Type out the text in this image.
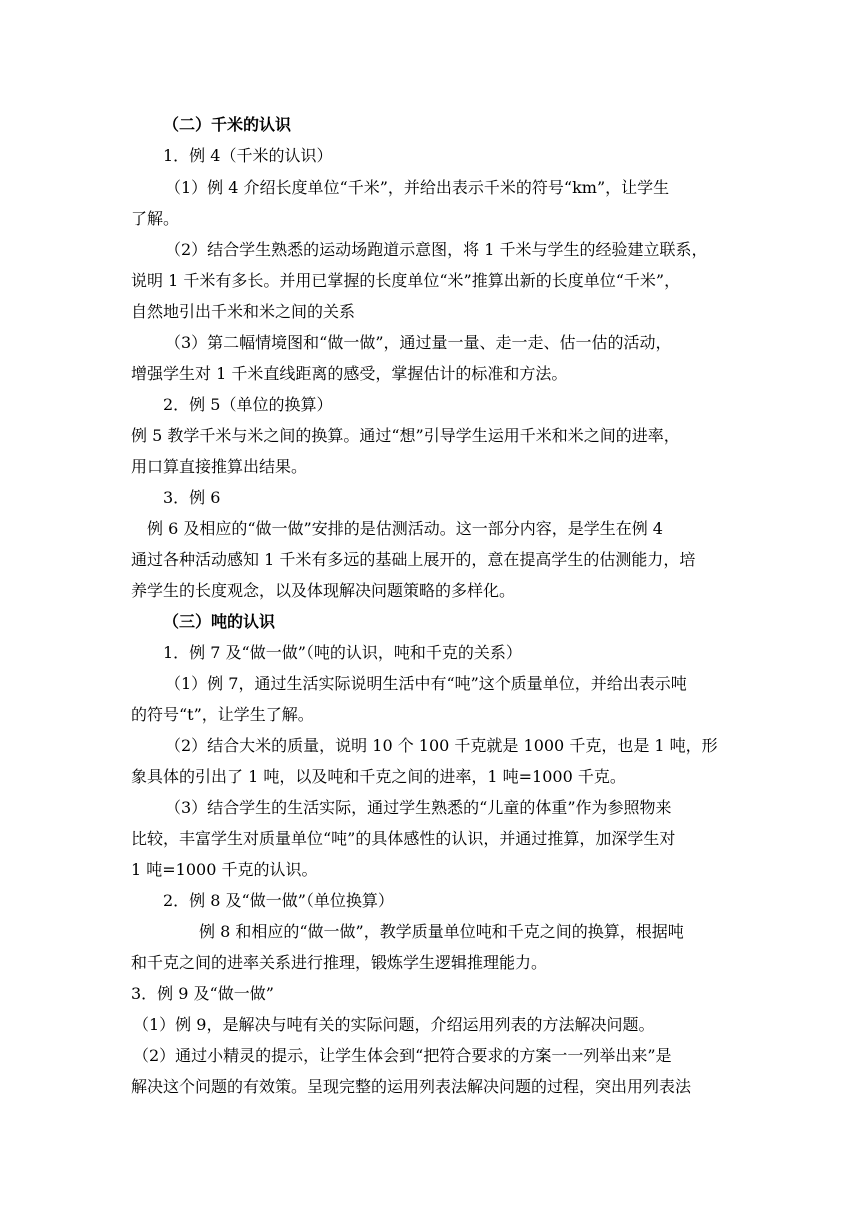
（二）千米的认识
1．例 4（千米的认识）
（1）例 4 介绍长度单位“千米”，并给出表示千米的符号“km”，让学生
了解。
（2）结合学生熟悉的运动场跑道示意图，将 1 千米与学生的经验建立联系，
说明 1 千米有多长。并用已掌握的长度单位“米”推算出新的长度单位“千米”，
自然地引出千米和米之间的关系
（3）第二幅情境图和“做一做”，通过量一量、走一走、估一估的活动，
增强学生对 1 千米直线距离的感受，掌握估计的标准和方法。
2．例 5（单位的换算）
例 5 教学千米与米之间的换算。通过“想”引导学生运用千米和米之间的进率，
用口算直接推算出结果。
3．例 6
例 6 及相应的“做一做”安排的是估测活动。这一部分内容，是学生在例 4
通过各种活动感知 1 千米有多远的基础上展开的，意在提高学生的估测能力，培
养学生的长度观念，以及体现解决问题策略的多样化。
（三）吨的认识
1．例 7 及“做一做”（吨的认识，吨和千克的关系）
（1）例 7，通过生活实际说明生活中有“吨”这个质量单位，并给出表示吨
的符号“t”，让学生了解。
（2）结合大米的质量，说明 10 个 100 千克就是 1000 千克，也是 1 吨，形
象具体的引出了 1 吨，以及吨和千克之间的进率，1 吨=1000 千克。
（3）结合学生的生活实际，通过学生熟悉的“儿童的体重”作为参照物来
比较，丰富学生对质量单位“吨”的具体感性的认识，并通过推算，加深学生对
1 吨=1000 千克的认识。
2．例 8 及“做一做”（单位换算）
例 8 和相应的“做一做”，教学质量单位吨和千克之间的换算，根据吨
和千克之间的进率关系进行推理，锻炼学生逻辑推理能力。
3．例 9 及“做一做”
（1）例 9，是解决与吨有关的实际问题，介绍运用列表的方法解决问题。
（2）通过小精灵的提示，让学生体会到“把符合要求的方案一一列举出来”是
解决这个问题的有效策。呈现完整的运用列表法解决问题的过程，突出用列表法
